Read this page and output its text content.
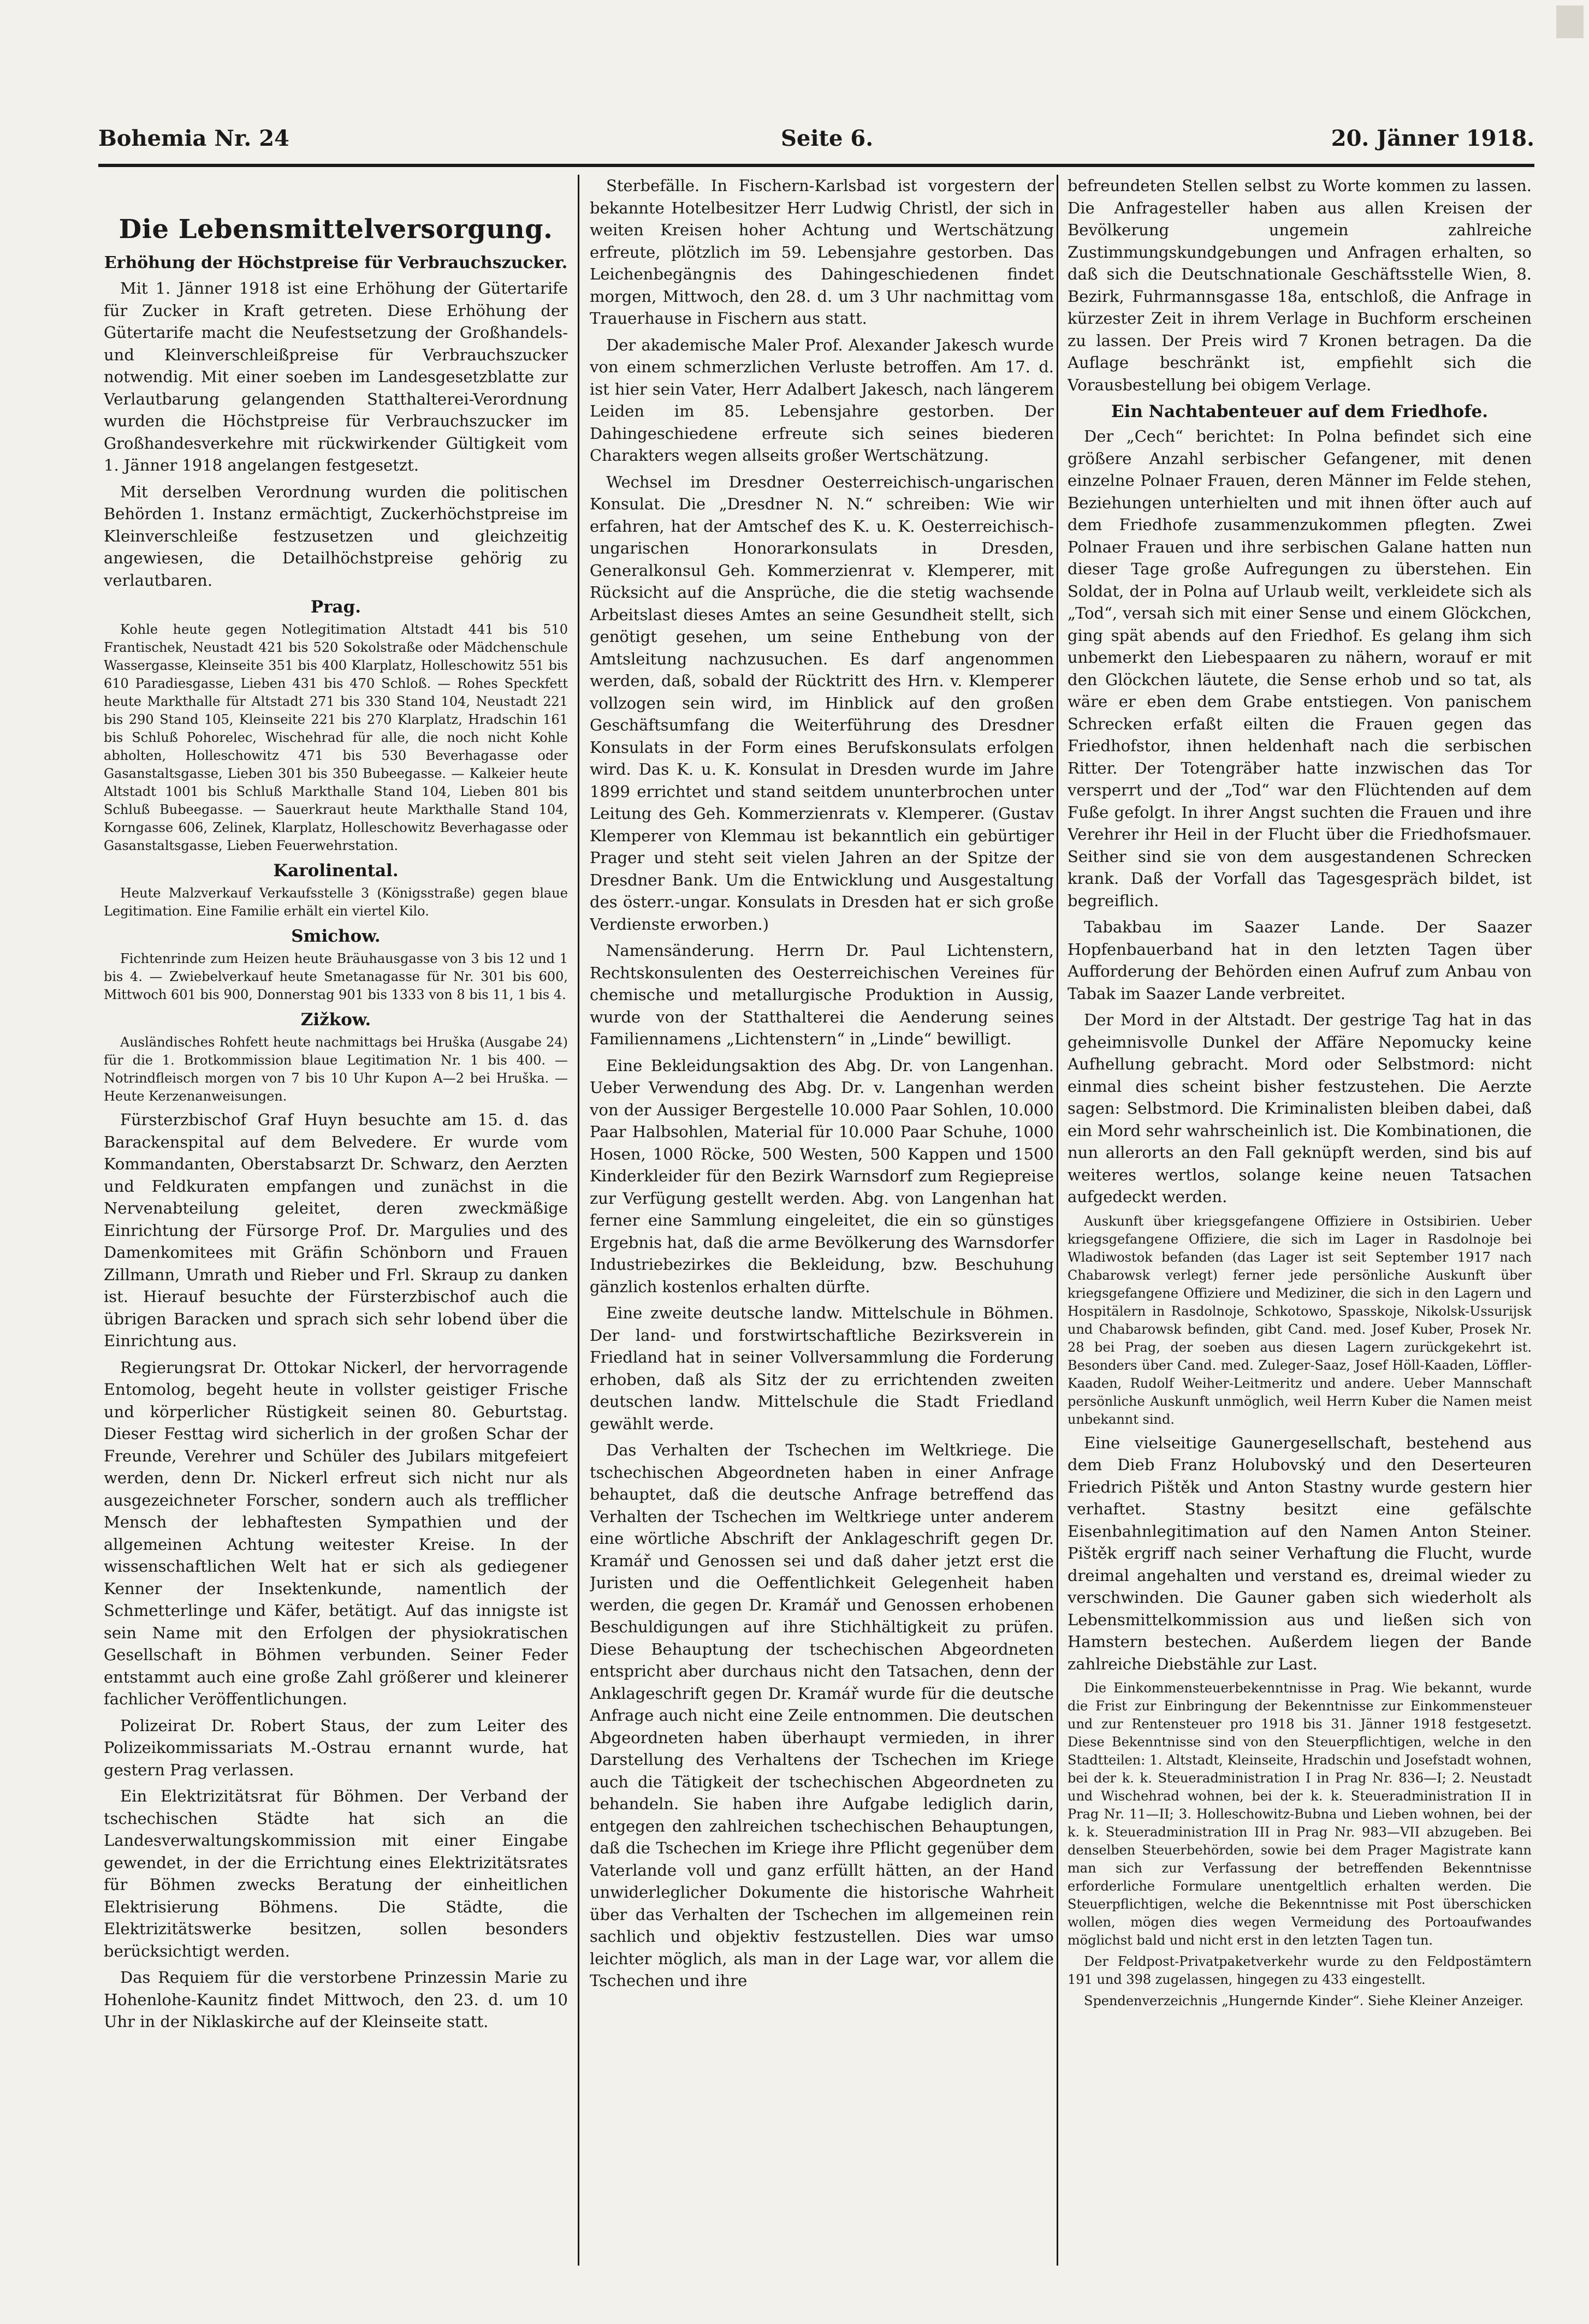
Bohemia Nr. 24	Seite 6.	20. Jänner 1918.
Die Lebensmittelversorgung.
Erhöhung der Höchstpreise für Verbrauchszucker.

Mit 1. Jänner 1918 ist eine Erhöhung der Gütertarife für Zucker in Kraft getreten. Diese Erhöhung der Gütertarife macht die Neufestsetzung der Großhandels- und Kleinverschleißpreise für Verbrauchszucker notwendig. Mit einer soeben im Landesgesetzblatte zur Verlautbarung gelangenden Statthalterei-Verordnung wurden die Höchstpreise für Verbrauchszucker im Großhandesverkehre mit rückwirkender Gültigkeit vom 1. Jänner 1918 angelangen festgesetzt.

Mit derselben Verordnung wurden die politischen Behörden 1. Instanz ermächtigt, Zuckerhöchstpreise im Kleinverschleiße festzusetzen und gleichzeitig angewiesen, die Detailhöchstpreise gehörig zu verlautbaren.

Prag.

Kohle heute gegen Notlegitimation Altstadt 441 bis 510 Frantischek, Neustadt 421 bis 520 Sokolstraße oder Mädchenschule Wassergasse, Kleinseite 351 bis 400 Klarplatz, Holleschowitz 551 bis 610 Paradiesgasse, Lieben 431 bis 470 Schloß. — Rohes Speckfett heute Markthalle für Altstadt 271 bis 330 Stand 104, Neustadt 221 bis 290 Stand 105, Kleinseite 221 bis 270 Klarplatz, Hradschin 161 bis Schluß Pohorelec, Wischehrad für alle, die noch nicht Kohle abholten, Holleschowitz 471 bis 530 Beverhagasse oder Gasanstaltsgasse, Lieben 301 bis 350 Bubeegasse. — Kalkeier heute Altstadt 1001 bis Schluß Markthalle Stand 104, Lieben 801 bis Schluß Bubeegasse. — Sauerkraut heute Markthalle Stand 104, Korngasse 606, Zelinek, Klarplatz, Holleschowitz Beverhagasse oder Gasanstaltsgasse, Lieben Feuerwehrstation.

Karolinental.

Heute Malzverkauf Verkaufsstelle 3 (Königsstraße) gegen blaue Legitimation. Eine Familie erhält ein viertel Kilo.

Smichow.

Fichtenrinde zum Heizen heute Bräuhausgasse von 3 bis 12 und 1 bis 4. — Zwiebelverkauf heute Smetanagasse für Nr. 301 bis 600, Mittwoch 601 bis 900, Donnerstag 901 bis 1333 von 8 bis 11, 1 bis 4.

Zižkow.

Ausländisches Rohfett heute nachmittags bei Hruška (Ausgabe 24) für die 1. Brotkommission blaue Legitimation Nr. 1 bis 400. — Notrindfleisch morgen von 7 bis 10 Uhr Kupon A—2 bei Hruška. — Heute Kerzenanweisungen.

Fürsterzbischof Graf Huyn besuchte am 15. d. das Barackenspital auf dem Belvedere. Er wurde vom Kommandanten, Oberstabsarzt Dr. Schwarz, den Aerzten und Feldkuraten empfangen und zunächst in die Nervenabteilung geleitet, deren zweckmäßige Einrichtung der Fürsorge Prof. Dr. Margulies und des Damenkomitees mit Gräfin Schönborn und Frauen Zillmann, Umrath und Rieber und Frl. Skraup zu danken ist. Hierauf besuchte der Fürsterzbischof auch die übrigen Baracken und sprach sich sehr lobend über die Einrichtung aus.

Regierungsrat Dr. Ottokar Nickerl, der hervorragende Entomolog, begeht heute in vollster geistiger Frische und körperlicher Rüstigkeit seinen 80. Geburtstag. Dieser Festtag wird sicherlich in der großen Schar der Freunde, Verehrer und Schüler des Jubilars mitgefeiert werden, denn Dr. Nickerl erfreut sich nicht nur als ausgezeichneter Forscher, sondern auch als trefflicher Mensch der lebhaftesten Sympathien und der allgemeinen Achtung weitester Kreise. In der wissenschaftlichen Welt hat er sich als gediegener Kenner der Insektenkunde, namentlich der Schmetterlinge und Käfer, betätigt. Auf das innigste ist sein Name mit den Erfolgen der physiokratischen Gesellschaft in Böhmen verbunden. Seiner Feder entstammt auch eine große Zahl größerer und kleinerer fachlicher Veröffentlichungen.

Polizeirat Dr. Robert Staus, der zum Leiter des Polizeikommissariats M.-Ostrau ernannt wurde, hat gestern Prag verlassen.

Ein Elektrizitätsrat für Böhmen. Der Verband der tschechischen Städte hat sich an die Landesverwaltungskommission mit einer Eingabe gewendet, in der die Errichtung eines Elektrizitätsrates für Böhmen zwecks Beratung der einheitlichen Elektrisierung Böhmens. Die Städte, die Elektrizitätswerke besitzen, sollen besonders berücksichtigt werden.

Das Requiem für die verstorbene Prinzessin Marie zu Hohenlohe-Kaunitz findet Mittwoch, den 23. d. um 10 Uhr in der Niklaskirche auf der Kleinseite statt.

Sterbefälle. In Fischern-Karlsbad ist vorgestern der bekannte Hotelbesitzer Herr Ludwig Christl, der sich in weiten Kreisen hoher Achtung und Wertschätzung erfreute, plötzlich im 59. Lebensjahre gestorben. Das Leichenbegängnis des Dahingeschiedenen findet morgen, Mittwoch, den 28. d. um 3 Uhr nachmittag vom Trauerhause in Fischern aus statt.

Der akademische Maler Prof. Alexander Jakesch wurde von einem schmerzlichen Verluste betroffen. Am 17. d. ist hier sein Vater, Herr Adalbert Jakesch, nach längerem Leiden im 85. Lebensjahre gestorben. Der Dahingeschiedene erfreute sich seines biederen Charakters wegen allseits großer Wertschätzung.

Wechsel im Dresdner Oesterreichisch-ungarischen Konsulat. Die „Dresdner N. N.“ schreiben: Wie wir erfahren, hat der Amtschef des K. u. K. Oesterreichisch-ungarischen Honorarkonsulats in Dresden, Generalkonsul Geh. Kommerzienrat v. Klemperer, mit Rücksicht auf die Ansprüche, die die stetig wachsende Arbeitslast dieses Amtes an seine Gesundheit stellt, sich genötigt gesehen, um seine Enthebung von der Amtsleitung nachzusuchen. Es darf angenommen werden, daß, sobald der Rücktritt des Hrn. v. Klemperer vollzogen sein wird, im Hinblick auf den großen Geschäftsumfang die Weiterführung des Dresdner Konsulats in der Form eines Berufskonsulats erfolgen wird. Das K. u. K. Konsulat in Dresden wurde im Jahre 1899 errichtet und stand seitdem ununterbrochen unter Leitung des Geh. Kommerzienrats v. Klemperer. (Gustav Klemperer von Klemmau ist bekanntlich ein gebürtiger Prager und steht seit vielen Jahren an der Spitze der Dresdner Bank. Um die Entwicklung und Ausgestaltung des österr.-ungar. Konsulats in Dresden hat er sich große Verdienste erworben.)

Namensänderung. Herrn Dr. Paul Lichtenstern, Rechtskonsulenten des Oesterreichischen Vereines für chemische und metallurgische Produktion in Aussig, wurde von der Statthalterei die Aenderung seines Familiennamens „Lichtenstern“ in „Linde“ bewilligt.

Eine Bekleidungsaktion des Abg. Dr. von Langenhan. Ueber Verwendung des Abg. Dr. v. Langenhan werden von der Aussiger Bergestelle 10.000 Paar Sohlen, 10.000 Paar Halbsohlen, Material für 10.000 Paar Schuhe, 1000 Hosen, 1000 Röcke, 500 Westen, 500 Kappen und 1500 Kinderkleider für den Bezirk Warnsdorf zum Regiepreise zur Verfügung gestellt werden. Abg. von Langenhan hat ferner eine Sammlung eingeleitet, die ein so günstiges Ergebnis hat, daß die arme Bevölkerung des Warnsdorfer Industriebezirkes die Bekleidung, bzw. Beschuhung gänzlich kostenlos erhalten dürfte.

Eine zweite deutsche landw. Mittelschule in Böhmen. Der land- und forstwirtschaftliche Bezirksverein in Friedland hat in seiner Vollversammlung die Forderung erhoben, daß als Sitz der zu errichtenden zweiten deutschen landw. Mittelschule die Stadt Friedland gewählt werde.

Das Verhalten der Tschechen im Weltkriege. Die tschechischen Abgeordneten haben in einer Anfrage behauptet, daß die deutsche Anfrage betreffend das Verhalten der Tschechen im Weltkriege unter anderem eine wörtliche Abschrift der Anklageschrift gegen Dr. Kramář und Genossen sei und daß daher jetzt erst die Juristen und die Oeffentlichkeit Gelegenheit haben werden, die gegen Dr. Kramář und Genossen erhobenen Beschuldigungen auf ihre Stichhältigkeit zu prüfen. Diese Behauptung der tschechischen Abgeordneten entspricht aber durchaus nicht den Tatsachen, denn der Anklageschrift gegen Dr. Kramář wurde für die deutsche Anfrage auch nicht eine Zeile entnommen. Die deutschen Abgeordneten haben überhaupt vermieden, in ihrer Darstellung des Verhaltens der Tschechen im Kriege auch die Tätigkeit der tschechischen Abgeordneten zu behandeln. Sie haben ihre Aufgabe lediglich darin, entgegen den zahlreichen tschechischen Behauptungen, daß die Tschechen im Kriege ihre Pflicht gegenüber dem Vaterlande voll und ganz erfüllt hätten, an der Hand unwiderleglicher Dokumente die historische Wahrheit über das Verhalten der Tschechen im allgemeinen rein sachlich und objektiv festzustellen. Dies war umso leichter möglich, als man in der Lage war, vor allem die Tschechen und ihre

befreundeten Stellen selbst zu Worte kommen zu lassen. Die Anfragesteller haben aus allen Kreisen der Bevölkerung ungemein zahlreiche Zustimmungskundgebungen und Anfragen erhalten, so daß sich die Deutschnationale Geschäftsstelle Wien, 8. Bezirk, Fuhrmannsgasse 18a, entschloß, die Anfrage in kürzester Zeit in ihrem Verlage in Buchform erscheinen zu lassen. Der Preis wird 7 Kronen betragen. Da die Auflage beschränkt ist, empfiehlt sich die Vorausbestellung bei obigem Verlage.

Ein Nachtabenteuer auf dem Friedhofe.

Der „Cech“ berichtet: In Polna befindet sich eine größere Anzahl serbischer Gefangener, mit denen einzelne Polnaer Frauen, deren Männer im Felde stehen, Beziehungen unterhielten und mit ihnen öfter auch auf dem Friedhofe zusammenzukommen pflegten. Zwei Polnaer Frauen und ihre serbischen Galane hatten nun dieser Tage große Aufregungen zu überstehen. Ein Soldat, der in Polna auf Urlaub weilt, verkleidete sich als „Tod“, versah sich mit einer Sense und einem Glöckchen, ging spät abends auf den Friedhof. Es gelang ihm sich unbemerkt den Liebespaaren zu nähern, worauf er mit den Glöckchen läutete, die Sense erhob und so tat, als wäre er eben dem Grabe entstiegen. Von panischem Schrecken erfaßt eilten die Frauen gegen das Friedhofstor, ihnen heldenhaft nach die serbischen Ritter. Der Totengräber hatte inzwischen das Tor versperrt und der „Tod“ war den Flüchtenden auf dem Fuße gefolgt. In ihrer Angst suchten die Frauen und ihre Verehrer ihr Heil in der Flucht über die Friedhofsmauer. Seither sind sie von dem ausgestandenen Schrecken krank. Daß der Vorfall das Tagesgespräch bildet, ist begreiflich.

Tabakbau im Saazer Lande. Der Saazer Hopfenbauerband hat in den letzten Tagen über Aufforderung der Behörden einen Aufruf zum Anbau von Tabak im Saazer Lande verbreitet.

Der Mord in der Altstadt. Der gestrige Tag hat in das geheimnisvolle Dunkel der Affäre Nepomucky keine Aufhellung gebracht. Mord oder Selbstmord: nicht einmal dies scheint bisher festzustehen. Die Aerzte sagen: Selbstmord. Die Kriminalisten bleiben dabei, daß ein Mord sehr wahrscheinlich ist. Die Kombinationen, die nun allerorts an den Fall geknüpft werden, sind bis auf weiteres wertlos, solange keine neuen Tatsachen aufgedeckt werden.

Auskunft über kriegsgefangene Offiziere in Ostsibirien. Ueber kriegsgefangene Offiziere, die sich im Lager in Rasdolnoje bei Wladiwostok befanden (das Lager ist seit September 1917 nach Chabarowsk verlegt) ferner jede persönliche Auskunft über kriegsgefangene Offiziere und Mediziner, die sich in den Lagern und Hospitälern in Rasdolnoje, Schkotowo, Spasskoje, Nikolsk-Ussurijsk und Chabarowsk befinden, gibt Cand. med. Josef Kuber, Prosek Nr. 28 bei Prag, der soeben aus diesen Lagern zurückgekehrt ist. Besonders über Cand. med. Zuleger-Saaz, Josef Höll-Kaaden, Löffler-Kaaden, Rudolf Weiher-Leitmeritz und andere. Ueber Mannschaft persönliche Auskunft unmöglich, weil Herrn Kuber die Namen meist unbekannt sind.

Eine vielseitige Gaunergesellschaft, bestehend aus dem Dieb Franz Holubovský und den Deserteuren Friedrich Pištěk und Anton Stastny wurde gestern hier verhaftet. Stastny besitzt eine gefälschte Eisenbahnlegitimation auf den Namen Anton Steiner. Pištěk ergriff nach seiner Verhaftung die Flucht, wurde dreimal angehalten und verstand es, dreimal wieder zu verschwinden. Die Gauner gaben sich wiederholt als Lebensmittelkommission aus und ließen sich von Hamstern bestechen. Außerdem liegen der Bande zahlreiche Diebstähle zur Last.

Die Einkommensteuerbekenntnisse in Prag. Wie bekannt, wurde die Frist zur Einbringung der Bekenntnisse zur Einkommensteuer und zur Rentensteuer pro 1918 bis 31. Jänner 1918 festgesetzt. Diese Bekenntnisse sind von den Steuerpflichtigen, welche in den Stadtteilen: 1. Altstadt, Kleinseite, Hradschin und Josefstadt wohnen, bei der k. k. Steueradministration I in Prag Nr. 836—I; 2. Neustadt und Wischehrad wohnen, bei der k. k. Steueradministration II in Prag Nr. 11—II; 3. Holleschowitz-Bubna und Lieben wohnen, bei der k. k. Steueradministration III in Prag Nr. 983—VII abzugeben. Bei denselben Steuerbehörden, sowie bei dem Prager Magistrate kann man sich zur Verfassung der betreffenden Bekenntnisse erforderliche Formulare unentgeltlich erhalten werden. Die Steuerpflichtigen, welche die Bekenntnisse mit Post überschicken wollen, mögen dies wegen Vermeidung des Portoaufwandes möglichst bald und nicht erst in den letzten Tagen tun.

Der Feldpost-Privatpaketverkehr wurde zu den Feldpostämtern 191 und 398 zugelassen, hingegen zu 433 eingestellt.

Spendenverzeichnis „Hungernde Kinder“. Siehe Kleiner Anzeiger.
